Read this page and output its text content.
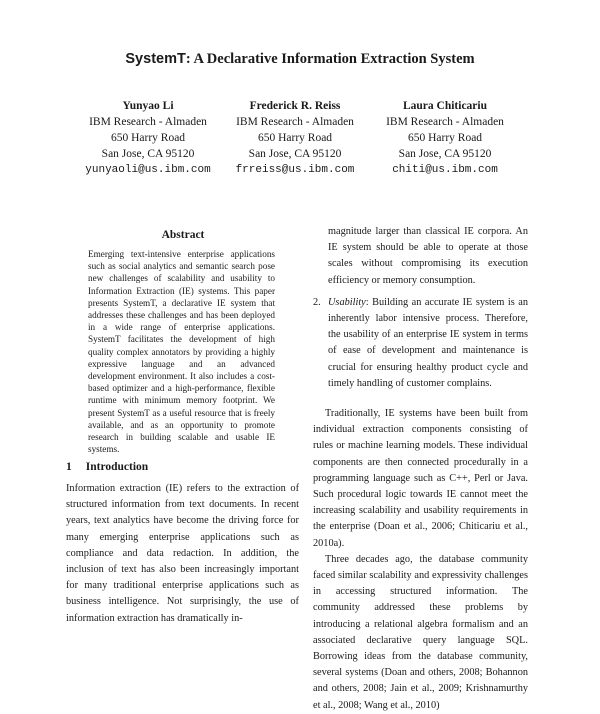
SystemT: A Declarative Information Extraction System
Yunyao Li
IBM Research - Almaden
650 Harry Road
San Jose, CA 95120
yunyaoli@us.ibm.com
Frederick R. Reiss
IBM Research - Almaden
650 Harry Road
San Jose, CA 95120
frreiss@us.ibm.com
Laura Chiticariu
IBM Research - Almaden
650 Harry Road
San Jose, CA 95120
chiti@us.ibm.com
Abstract
Emerging text-intensive enterprise applications such as social analytics and semantic search pose new challenges of scalability and usability to Information Extraction (IE) systems. This paper presents SystemT, a declarative IE system that addresses these challenges and has been deployed in a wide range of enterprise applications. SystemT facilitates the development of high quality complex annotators by providing a highly expressive language and an advanced development environment. It also includes a cost-based optimizer and a high-performance, flexible runtime with minimum memory footprint. We present SystemT as a useful resource that is freely available, and as an opportunity to promote research in building scalable and usable IE systems.
1 Introduction

Information extraction (IE) refers to the extraction of structured information from text documents. In recent years, text analytics have become the driving force for many emerging enterprise applications such as compliance and data redaction. In addition, the inclusion of text has also been increasingly important for many traditional enterprise applications such as business intelligence. Not surprisingly, the use of information extraction has dramatically in-

magnitude larger than classical IE corpora. An IE system should be able to operate at those scales without compromising its execution efficiency or memory consumption.

2. Usability: Building an accurate IE system is an inherently labor intensive process. Therefore, the usability of an enterprise IE system in terms of ease of development and maintenance is crucial for ensuring healthy product cycle and timely handling of customer complains.

Traditionally, IE systems have been built from individual extraction components consisting of rules or machine learning models. These individual components are then connected procedurally in a programming language such as C++, Perl or Java. Such procedural logic towards IE cannot meet the increasing scalability and usability requirements in the enterprise (Doan et al., 2006; Chiticariu et al., 2010a).

Three decades ago, the database community faced similar scalability and expressivity challenges in accessing structured information. The community addressed these problems by introducing a relational algebra formalism and an associated declarative query language SQL. Borrowing ideas from the database community, several systems (Doan and others, 2008; Bohannon and others, 2008; Jain et al., 2009; Krishnamurthy et al., 2008; Wang et al., 2010)
